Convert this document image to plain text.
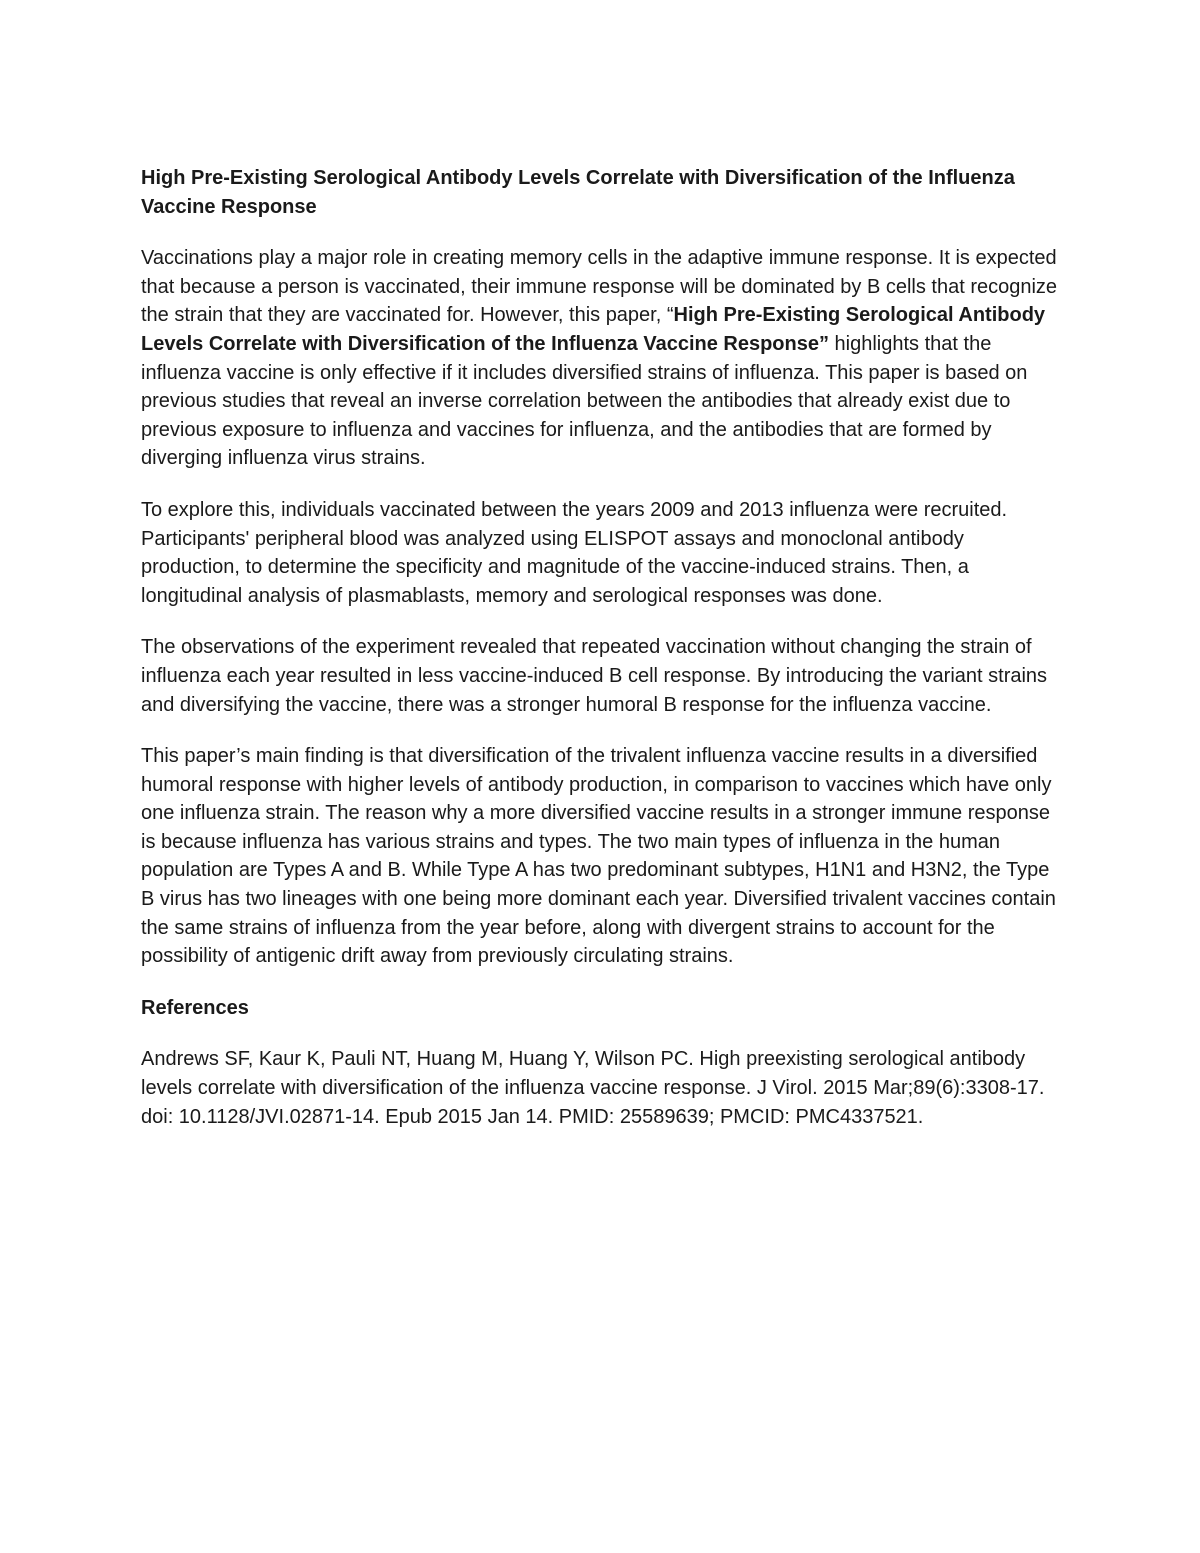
High Pre-Existing Serological Antibody Levels Correlate with Diversification of the Influenza Vaccine Response

Vaccinations play a major role in creating memory cells in the adaptive immune response. It is expected that because a person is vaccinated, their immune response will be dominated by B cells that recognize the strain that they are vaccinated for. However, this paper, “High Pre-Existing Serological Antibody Levels Correlate with Diversification of the Influenza Vaccine Response” highlights that the influenza vaccine is only effective if it includes diversified strains of influenza. This paper is based on previous studies that reveal an inverse correlation between the antibodies that already exist due to previous exposure to influenza and vaccines for influenza, and the antibodies that are formed by diverging influenza virus strains.

To explore this, individuals vaccinated between the years 2009 and 2013 influenza were recruited. Participants' peripheral blood was analyzed using ELISPOT assays and monoclonal antibody production, to determine the specificity and magnitude of the vaccine-induced strains. Then, a longitudinal analysis of plasmablasts, memory and serological responses was done.

The observations of the experiment revealed that repeated vaccination without changing the strain of influenza each year resulted in less vaccine-induced B cell response. By introducing the variant strains and diversifying the vaccine, there was a stronger humoral B response for the influenza vaccine.

This paper’s main finding is that diversification of the trivalent influenza vaccine results in a diversified humoral response with higher levels of antibody production, in comparison to vaccines which have only one influenza strain. The reason why a more diversified vaccine results in a stronger immune response is because influenza has various strains and types. The two main types of influenza in the human population are Types A and B. While Type A has two predominant subtypes, H1N1 and H3N2, the Type B virus has two lineages with one being more dominant each year. Diversified trivalent vaccines contain the same strains of influenza from the year before, along with divergent strains to account for the possibility of antigenic drift away from previously circulating strains.

References

Andrews SF, Kaur K, Pauli NT, Huang M, Huang Y, Wilson PC. High preexisting serological antibody levels correlate with diversification of the influenza vaccine response. J Virol. 2015 Mar;89(6):3308-17. doi: 10.1128/JVI.02871-14. Epub 2015 Jan 14. PMID: 25589639; PMCID: PMC4337521.
